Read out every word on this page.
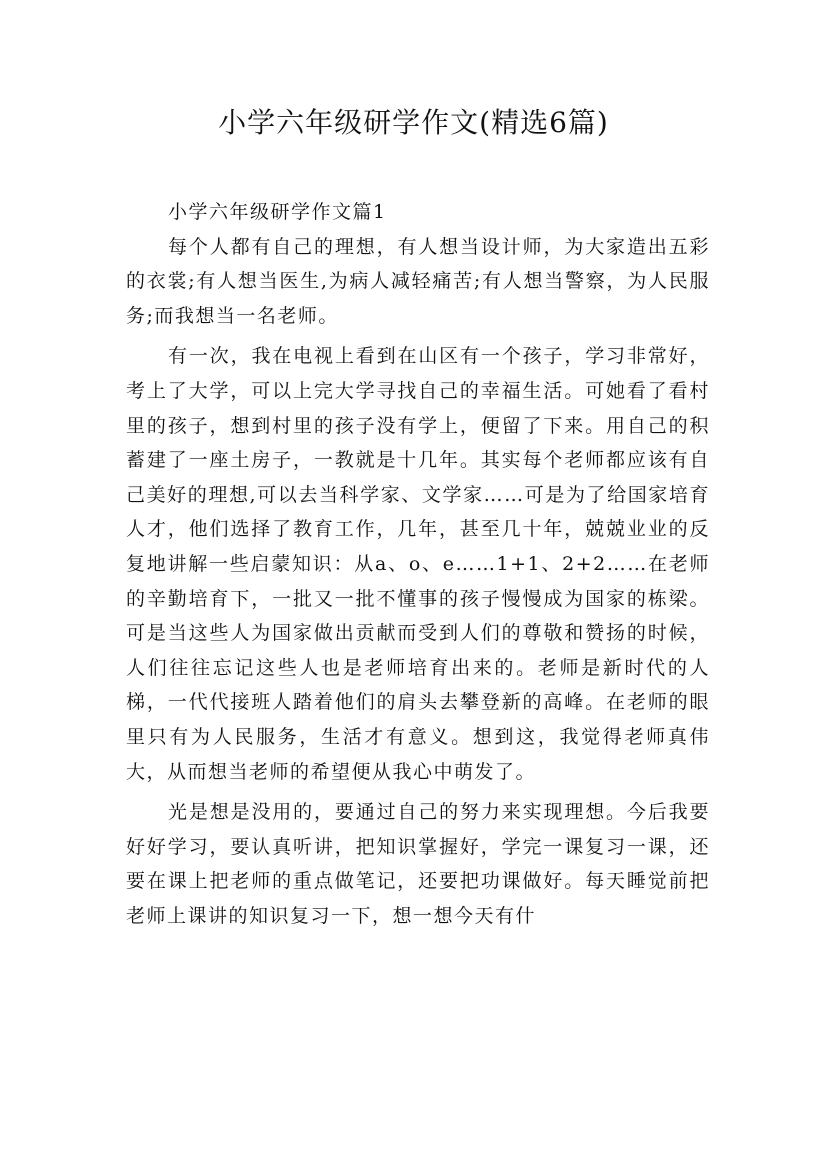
小学六年级研学作文(精选6篇)
小学六年级研学作文篇1

每个人都有自己的理想，有人想当设计师，为大家造出五彩的衣裳;有人想当医生,为病人减轻痛苦;有人想当警察，为人民服务;而我想当一名老师。

有一次，我在电视上看到在山区有一个孩子，学习非常好，考上了大学，可以上完大学寻找自己的幸福生活。可她看了看村里的孩子，想到村里的孩子没有学上，便留了下来。用自己的积蓄建了一座土房子，一教就是十几年。其实每个老师都应该有自己美好的理想,可以去当科学家、文学家……可是为了给国家培育人才，他们选择了教育工作，几年，甚至几十年，兢兢业业的反复地讲解一些启蒙知识：从a、o、e……1+1、2+2……在老师的辛勤培育下，一批又一批不懂事的孩子慢慢成为国家的栋梁。可是当这些人为国家做出贡献而受到人们的尊敬和赞扬的时候，人们往往忘记这些人也是老师培育出来的。老师是新时代的人梯，一代代接班人踏着他们的肩头去攀登新的高峰。在老师的眼里只有为人民服务，生活才有意义。想到这，我觉得老师真伟大，从而想当老师的希望便从我心中萌发了。

光是想是没用的，要通过自己的努力来实现理想。今后我要好好学习，要认真听讲，把知识掌握好，学完一课复习一课，还要在课上把老师的重点做笔记，还要把功课做好。每天睡觉前把老师上课讲的知识复习一下，想一想今天有什
